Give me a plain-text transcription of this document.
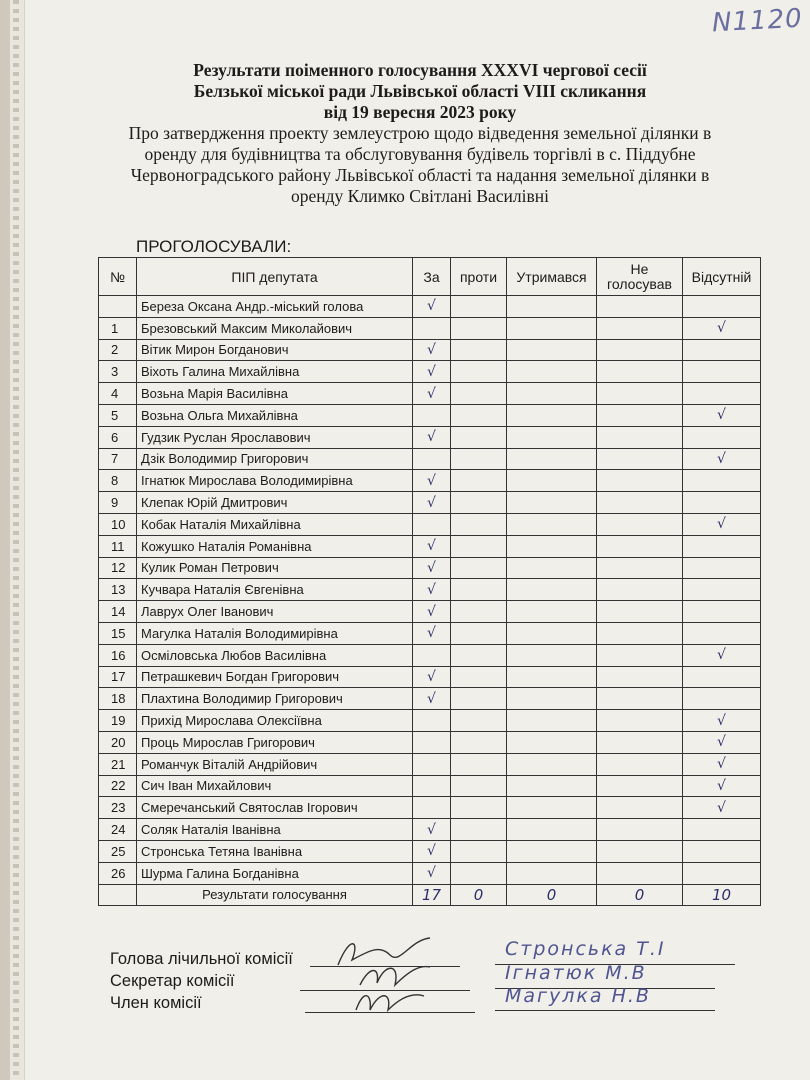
N1120
Результати поіменного голосування XXXVI чергової сесії
Белзької міської ради Львівської області VIII скликання
від 19 вересня 2023 року
Про затвердження проекту землеустрою щодо відведення земельної ділянки в
оренду для будівництва та обслуговування будівель торгівлі в с. Піддубне
Червоноградського району Львівської області та надання земельної ділянки в
оренду Климко Світлані Василівні
ПРОГОЛОСУВАЛИ:
№	ПІП депутата	За	проти	Утримався	Не голосував	Відсутній
	Береза Оксана Андр.-міський голова	√				
1	Брезовський Максим Миколайович					√
2	Вітик Мирон Богданович	√				
3	Віхоть Галина Михайлівна	√				
4	Возьна Марія Василівна	√				
5	Возьна Ольга Михайлівна					√
6	Гудзик Руслан Ярославович	√				
7	Дзік Володимир Григорович					√
8	Ігнатюк Мирослава Володимирівна	√				
9	Клепак Юрій Дмитрович	√				
10	Кобак Наталія Михайлівна					√
11	Кожушко Наталія Романівна	√				
12	Кулик Роман Петрович	√				
13	Кучвара Наталія Євгенівна	√				
14	Лаврух Олег Іванович	√				
15	Магулка Наталія Володимирівна	√				
16	Осміловська Любов Василівна					√
17	Петрашкевич Богдан Григорович	√				
18	Плахтина Володимир Григорович	√				
19	Прихід Мирослава Олексіївна					√
20	Проць Мирослав Григорович					√
21	Романчук Віталій Андрійович					√
22	Сич Іван Михайлович					√
23	Смеречанський Святослав Ігорович					√
24	Соляк Наталія Іванівна	√				
25	Стронська Тетяна Іванівна	√				
26	Шурма Галина Богданівна	√				
	Результати голосування	17	0	0	0	10
Голова лічильної комісії	Стронська Т.І
Секретар комісії	Ігнатюк М.В
Член комісії	Магулка Н.В
